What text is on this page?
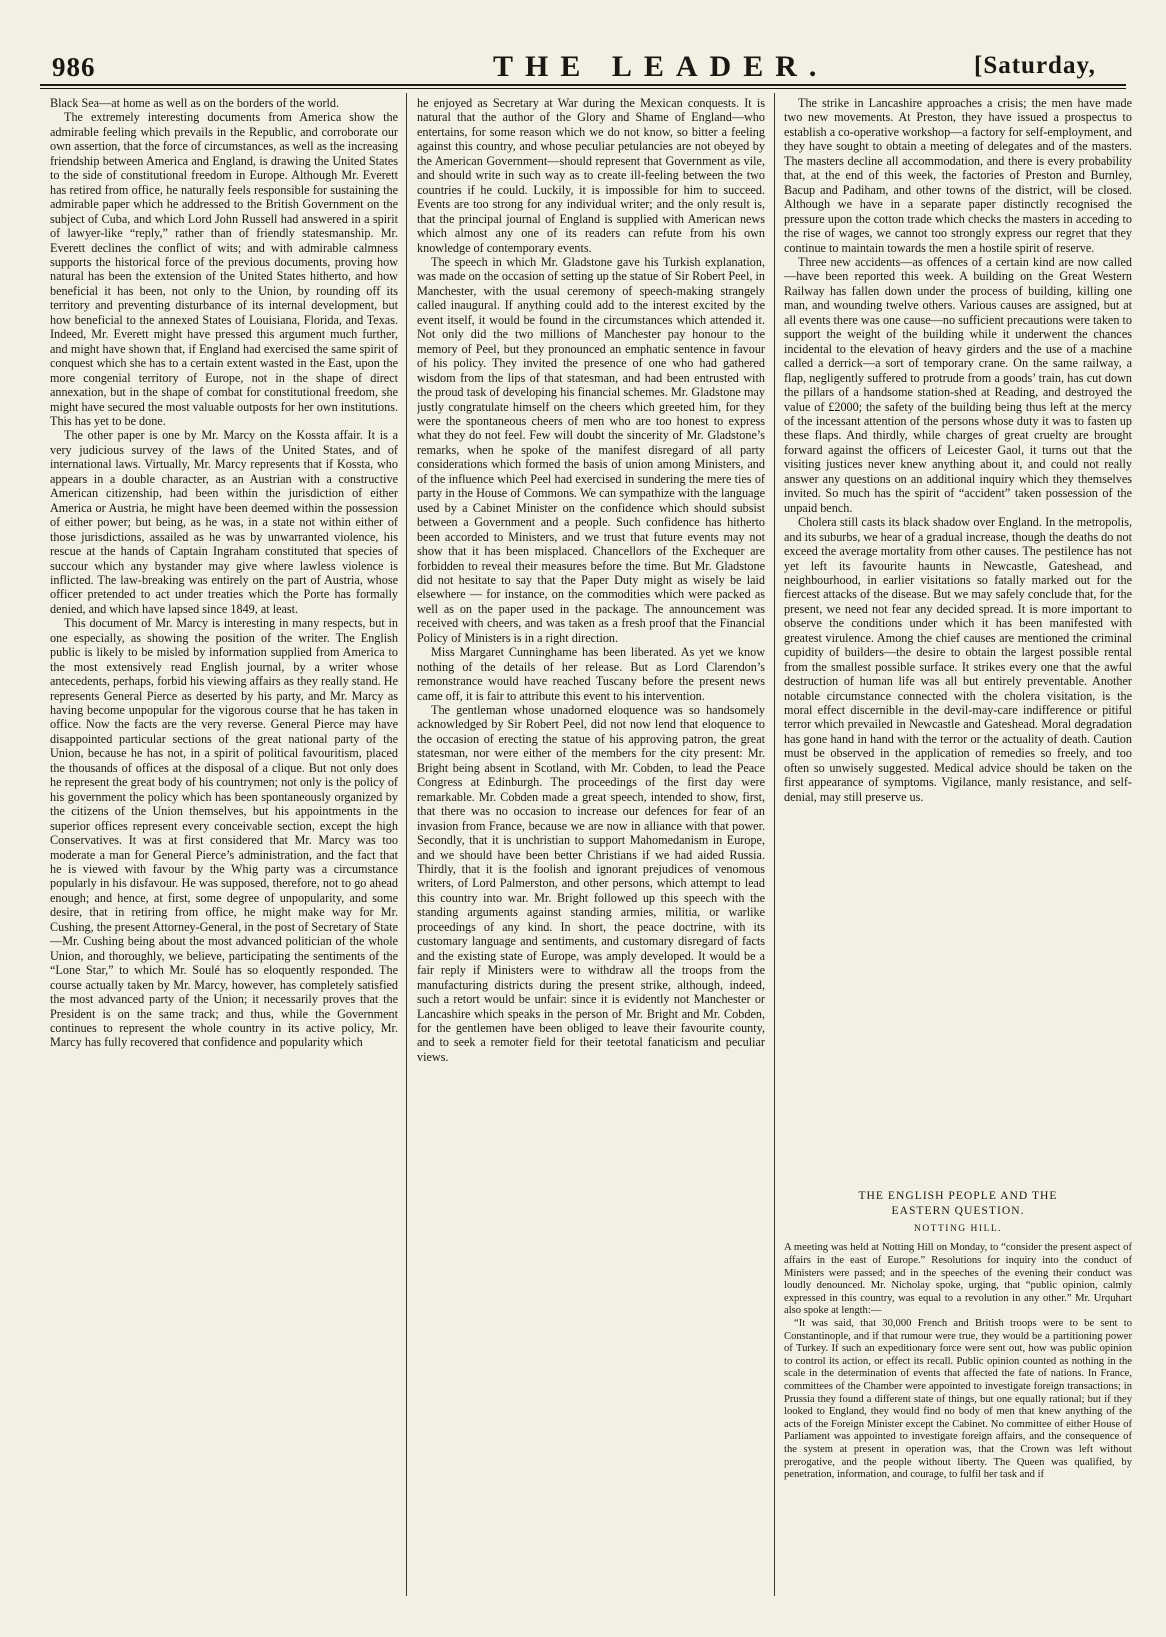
986	THE LEADER.	[Saturday,

Black Sea—at home as well as on the borders of the world.

The extremely interesting documents from America show the admirable feeling which prevails in the Republic, and corroborate our own assertion, that the force of circumstances, as well as the increasing friendship between America and England, is drawing the United States to the side of constitutional freedom in Europe. Although Mr. Everett has retired from office, he naturally feels responsible for sustaining the admirable paper which he addressed to the British Government on the subject of Cuba, and which Lord John Russell had answered in a spirit of lawyer-like “reply,” rather than of friendly statesmanship. Mr. Everett declines the conflict of wits; and with admirable calmness supports the historical force of the previous documents, proving how natural has been the extension of the United States hitherto, and how beneficial it has been, not only to the Union, by rounding off its territory and preventing disturbance of its internal development, but how beneficial to the annexed States of Louisiana, Florida, and Texas. Indeed, Mr. Everett might have pressed this argument much further, and might have shown that, if England had exercised the same spirit of conquest which she has to a certain extent wasted in the East, upon the more congenial territory of Europe, not in the shape of direct annexation, but in the shape of combat for constitutional freedom, she might have secured the most valuable outposts for her own institutions. This has yet to be done.

The other paper is one by Mr. Marcy on the Kossta affair. It is a very judicious survey of the laws of the United States, and of international laws. Virtually, Mr. Marcy represents that if Kossta, who appears in a double character, as an Austrian with a constructive American citizenship, had been within the jurisdiction of either America or Austria, he might have been deemed within the possession of either power; but being, as he was, in a state not within either of those jurisdictions, assailed as he was by unwarranted violence, his rescue at the hands of Captain Ingraham constituted that species of succour which any bystander may give where lawless violence is inflicted. The law-breaking was entirely on the part of Austria, whose officer pretended to act under treaties which the Porte has formally denied, and which have lapsed since 1849, at least.

This document of Mr. Marcy is interesting in many respects, but in one especially, as showing the position of the writer. The English public is likely to be misled by information supplied from America to the most extensively read English journal, by a writer whose antecedents, perhaps, forbid his viewing affairs as they really stand. He represents General Pierce as deserted by his party, and Mr. Marcy as having become unpopular for the vigorous course that he has taken in office. Now the facts are the very reverse. General Pierce may have disappointed particular sections of the great national party of the Union, because he has not, in a spirit of political favouritism, placed the thousands of offices at the disposal of a clique. But not only does he represent the great body of his countrymen; not only is the policy of his government the policy which has been spontaneously organized by the citizens of the Union themselves, but his appointments in the superior offices represent every conceivable section, except the high Conservatives. It was at first considered that Mr. Marcy was too moderate a man for General Pierce’s administration, and the fact that he is viewed with favour by the Whig party was a circumstance popularly in his disfavour. He was supposed, therefore, not to go ahead enough; and hence, at first, some degree of unpopularity, and some desire, that in retiring from office, he might make way for Mr. Cushing, the present Attorney-General, in the post of Secretary of State—Mr. Cushing being about the most advanced politician of the whole Union, and thoroughly, we believe, participating the sentiments of the “Lone Star,” to which Mr. Soulé has so eloquently responded. The course actually taken by Mr. Marcy, however, has completely satisfied the most advanced party of the Union; it necessarily proves that the President is on the same track; and thus, while the Government continues to represent the whole country in its active policy, Mr. Marcy has fully recovered that confidence and popularity which

he enjoyed as Secretary at War during the Mexican conquests. It is natural that the author of the Glory and Shame of England—who entertains, for some reason which we do not know, so bitter a feeling against this country, and whose peculiar petulancies are not obeyed by the American Government—should represent that Government as vile, and should write in such way as to create ill-feeling between the two countries if he could. Luckily, it is impossible for him to succeed. Events are too strong for any individual writer; and the only result is, that the principal journal of England is supplied with American news which almost any one of its readers can refute from his own knowledge of contemporary events.

The speech in which Mr. Gladstone gave his Turkish explanation, was made on the occasion of setting up the statue of Sir Robert Peel, in Manchester, with the usual ceremony of speech-making strangely called inaugural. If anything could add to the interest excited by the event itself, it would be found in the circumstances which attended it. Not only did the two millions of Manchester pay honour to the memory of Peel, but they pronounced an emphatic sentence in favour of his policy. They invited the presence of one who had gathered wisdom from the lips of that statesman, and had been entrusted with the proud task of developing his financial schemes. Mr. Gladstone may justly congratulate himself on the cheers which greeted him, for they were the spontaneous cheers of men who are too honest to express what they do not feel. Few will doubt the sincerity of Mr. Gladstone’s remarks, when he spoke of the manifest disregard of all party considerations which formed the basis of union among Ministers, and of the influence which Peel had exercised in sundering the mere ties of party in the House of Commons. We can sympathize with the language used by a Cabinet Minister on the confidence which should subsist between a Government and a people. Such confidence has hitherto been accorded to Ministers, and we trust that future events may not show that it has been misplaced. Chancellors of the Exchequer are forbidden to reveal their measures before the time. But Mr. Gladstone did not hesitate to say that the Paper Duty might as wisely be laid elsewhere — for instance, on the commodities which were packed as well as on the paper used in the package. The announcement was received with cheers, and was taken as a fresh proof that the Financial Policy of Ministers is in a right direction.

Miss Margaret Cunninghame has been liberated. As yet we know nothing of the details of her release. But as Lord Clarendon’s remonstrance would have reached Tuscany before the present news came off, it is fair to attribute this event to his intervention.

The gentleman whose unadorned eloquence was so handsomely acknowledged by Sir Robert Peel, did not now lend that eloquence to the occasion of erecting the statue of his approving patron, the great statesman, nor were either of the members for the city present: Mr. Bright being absent in Scotland, with Mr. Cobden, to lead the Peace Congress at Edinburgh. The proceedings of the first day were remarkable. Mr. Cobden made a great speech, intended to show, first, that there was no occasion to increase our defences for fear of an invasion from France, because we are now in alliance with that power. Secondly, that it is unchristian to support Mahomedanism in Europe, and we should have been better Christians if we had aided Russia. Thirdly, that it is the foolish and ignorant prejudices of venomous writers, of Lord Palmerston, and other persons, which attempt to lead this country into war. Mr. Bright followed up this speech with the standing arguments against standing armies, militia, or warlike proceedings of any kind. In short, the peace doctrine, with its customary language and sentiments, and customary disregard of facts and the existing state of Europe, was amply developed. It would be a fair reply if Ministers were to withdraw all the troops from the manufacturing districts during the present strike, although, indeed, such a retort would be unfair: since it is evidently not Manchester or Lancashire which speaks in the person of Mr. Bright and Mr. Cobden, for the gentlemen have been obliged to leave their favourite county, and to seek a remoter field for their teetotal fanaticism and peculiar views.

The strike in Lancashire approaches a crisis; the men have made two new movements. At Preston, they have issued a prospectus to establish a co-operative workshop—a factory for self-employment, and they have sought to obtain a meeting of delegates and of the masters. The masters decline all accommodation, and there is every probability that, at the end of this week, the factories of Preston and Burnley, Bacup and Padiham, and other towns of the district, will be closed. Although we have in a separate paper distinctly recognised the pressure upon the cotton trade which checks the masters in acceding to the rise of wages, we cannot too strongly express our regret that they continue to maintain towards the men a hostile spirit of reserve.

Three new accidents—as offences of a certain kind are now called—have been reported this week. A building on the Great Western Railway has fallen down under the process of building, killing one man, and wounding twelve others. Various causes are assigned, but at all events there was one cause—no sufficient precautions were taken to support the weight of the building while it underwent the chances incidental to the elevation of heavy girders and the use of a machine called a derrick—a sort of temporary crane. On the same railway, a flap, negligently suffered to protrude from a goods’ train, has cut down the pillars of a handsome station-shed at Reading, and destroyed the value of £2000; the safety of the building being thus left at the mercy of the incessant attention of the persons whose duty it was to fasten up these flaps. And thirdly, while charges of great cruelty are brought forward against the officers of Leicester Gaol, it turns out that the visiting justices never knew anything about it, and could not really answer any questions on an additional inquiry which they themselves invited. So much has the spirit of “accident” taken possession of the unpaid bench.

Cholera still casts its black shadow over England. In the metropolis, and its suburbs, we hear of a gradual increase, though the deaths do not exceed the average mortality from other causes. The pestilence has not yet left its favourite haunts in Newcastle, Gateshead, and neighbourhood, in earlier visitations so fatally marked out for the fiercest attacks of the disease. But we may safely conclude that, for the present, we need not fear any decided spread. It is more important to observe the conditions under which it has been manifested with greatest virulence. Among the chief causes are mentioned the criminal cupidity of builders—the desire to obtain the largest possible rental from the smallest possible surface. It strikes every one that the awful destruction of human life was all but entirely preventable. Another notable circumstance connected with the cholera visitation, is the moral effect discernible in the devil-may-care indifference or pitiful terror which prevailed in Newcastle and Gateshead. Moral degradation has gone hand in hand with the terror or the actuality of death. Caution must be observed in the application of remedies so freely, and too often so unwisely suggested. Medical advice should be taken on the first appearance of symptoms. Vigilance, manly resistance, and self-denial, may still preserve us.

THE ENGLISH PEOPLE AND THE
EASTERN QUESTION.
NOTTING HILL.

A meeting was held at Notting Hill on Monday, to “consider the present aspect of affairs in the east of Europe.” Resolutions for inquiry into the conduct of Ministers were passed; and in the speeches of the evening their conduct was loudly denounced. Mr. Nicholay spoke, urging, that “public opinion, calmly expressed in this country, was equal to a revolution in any other.” Mr. Urquhart also spoke at length:—

“It was said, that 30,000 French and British troops were to be sent to Constantinople, and if that rumour were true, they would be a partitioning power of Turkey. If such an expeditionary force were sent out, how was public opinion to control its action, or effect its recall. Public opinion counted as nothing in the scale in the determination of events that affected the fate of nations. In France, committees of the Chamber were appointed to investigate foreign transactions; in Prussia they found a different state of things, but one equally rational; but if they looked to England, they would find no body of men that knew anything of the acts of the Foreign Minister except the Cabinet. No committee of either House of Parliament was appointed to investigate foreign affairs, and the consequence of the system at present in operation was, that the Crown was left without prerogative, and the people without liberty. The Queen was qualified, by penetration, information, and courage, to fulfil her task and if
